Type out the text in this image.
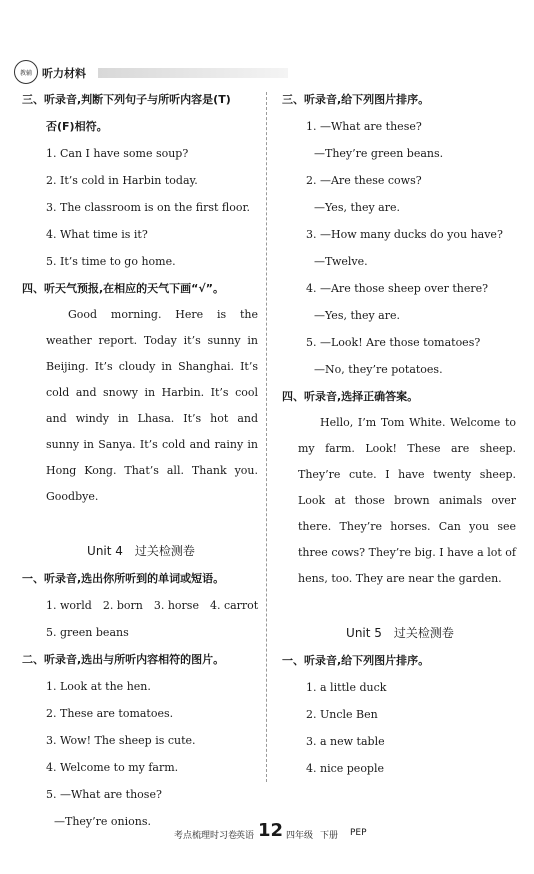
教辅 听力材料
三、听录音,判断下列句子与所听内容是(T)
否(F)相符。
1. Can I have some soup?
2. It’s cold in Harbin today.
3. The classroom is on the first floor.
4. What time is it?
5. It’s time to go home.
四、听天气预报,在相应的天气下画“√”。
Good morning. Here is the weather report. Today it’s sunny in Beijing. It’s cloudy in Shanghai. It’s cold and snowy in Harbin. It’s cool and windy in Lhasa. It’s hot and sunny in Sanya. It’s cold and rainy in Hong Kong. That’s all. Thank you. Goodbye.
Unit 4　过关检测卷
一、听录音,选出你所听到的单词或短语。
1. world　2. born　3. horse　4. carrot
5. green beans
二、听录音,选出与所听内容相符的图片。
1. Look at the hen.
2. These are tomatoes.
3. Wow! The sheep is cute.
4. Welcome to my farm.
5. —What are those?
—They’re onions.
三、听录音,给下列图片排序。
1. —What are these?
—They’re green beans.
2. —Are these cows?
—Yes, they are.
3. —How many ducks do you have?
—Twelve.
4. —Are those sheep over there?
—Yes, they are.
5. —Look! Are those tomatoes?
—No, they’re potatoes.
四、听录音,选择正确答案。
Hello, I’m Tom White. Welcome to my farm. Look! These are sheep. They’re cute. I have twenty sheep. Look at those brown animals over there. They’re horses. Can you see three cows? They’re big. I have a lot of hens, too. They are near the garden.
Unit 5　过关检测卷
一、听录音,给下列图片排序。
1. a little duck
2. Uncle Ben
3. a new table
4. nice people
考点梳理时习卷
英语 12 四年级 下册 PEP
